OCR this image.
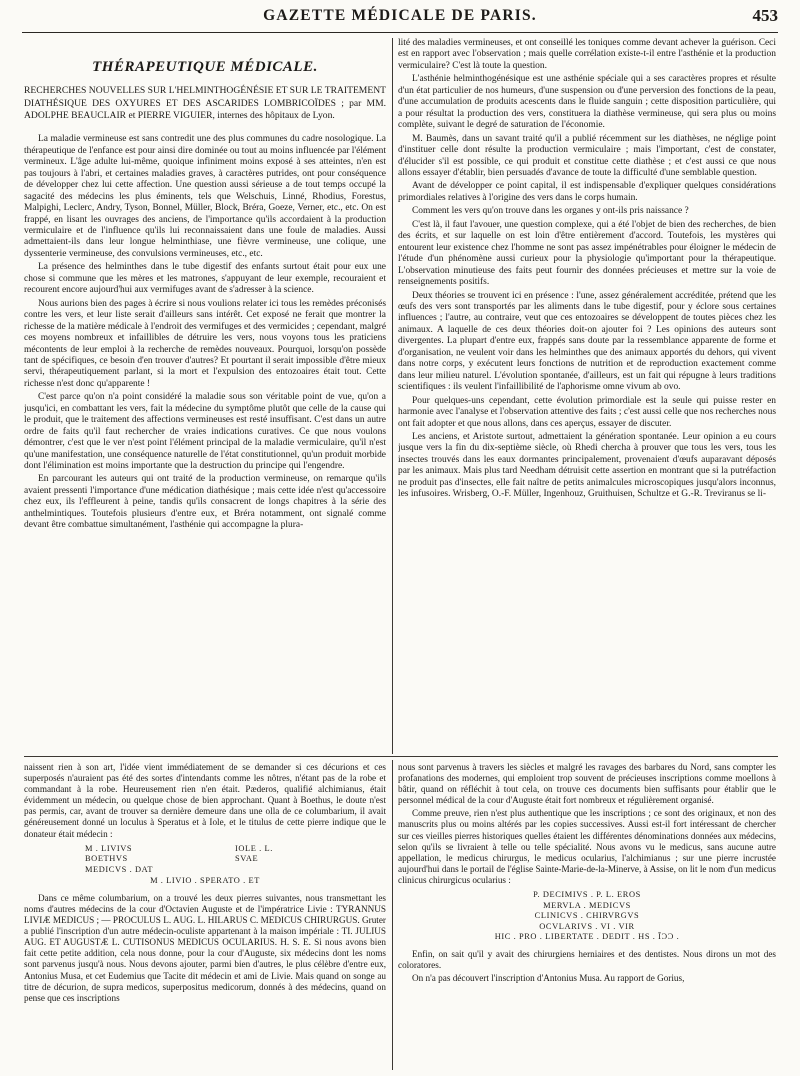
GAZETTE MÉDICALE DE PARIS.	453
THÉRAPEUTIQUE MÉDICALE.

RECHERCHES NOUVELLES SUR L'HELMINTHOGÉNÉSIE ET SUR LE TRAITEMENT DIATHÉSIQUE DES OXYURES ET DES ASCARIDES LOMBRICOÏDES ; par MM. ADOLPHE BEAUCLAIR et PIERRE VIGUIER, internes des hôpitaux de Lyon.

La maladie vermineuse est sans contredit une des plus communes du cadre nosologique. La thérapeutique de l'enfance est pour ainsi dire dominée ou tout au moins influencée par l'élément vermineux. L'âge adulte lui-même, quoique infiniment moins exposé à ses atteintes, n'en est pas toujours à l'abri, et certaines maladies graves, à caractères putrides, ont pour conséquence de développer chez lui cette affection. Une question aussi sérieuse a de tout temps occupé la sagacité des médecins les plus éminents, tels que Welschuis, Linné, Rhodius, Forestus, Malpighi, Leclerc, Andry, Tyson, Bonnel, Müller, Block, Bréra, Goeze, Verner, etc., etc. On est frappé, en lisant les ouvrages des anciens, de l'importance qu'ils accordaient à la production vermiculaire et de l'influence qu'ils lui reconnaissaient dans une foule de maladies. Aussi admettaient-ils dans leur longue helminthiase, une fièvre vermineuse, une colique, une dyssenterie vermineuse, des convulsions vermineuses, etc., etc.

La présence des helminthes dans le tube digestif des enfants surtout était pour eux une chose si commune que les mères et les matrones, s'appuyant de leur exemple, recouraient et recourent encore aujourd'hui aux vermifuges avant de s'adresser à la science.

Nous aurions bien des pages à écrire si nous voulions relater ici tous les remèdes préconisés contre les vers, et leur liste serait d'ailleurs sans intérêt. Cet exposé ne ferait que montrer la richesse de la matière médicale à l'endroit des vermifuges et des vermicides ; cependant, malgré ces moyens nombreux et infaillibles de détruire les vers, nous voyons tous les praticiens mécontents de leur emploi à la recherche de remèdes nouveaux. Pourquoi, lorsqu'on possède tant de spécifiques, ce besoin d'en trouver d'autres? Et pourtant il serait impossible d'être mieux servi, thérapeutiquement parlant, si la mort et l'expulsion des entozoaires était tout. Cette richesse n'est donc qu'apparente !

C'est parce qu'on n'a point considéré la maladie sous son véritable point de vue, qu'on a jusqu'ici, en combattant les vers, fait la médecine du symptôme plutôt que celle de la cause qui le produit, que le traitement des affections vermineuses est resté insuffisant. C'est dans un autre ordre de faits qu'il faut rechercher de vraies indications curatives. Ce que nous voulons démontrer, c'est que le ver n'est point l'élément principal de la maladie vermiculaire, qu'il n'est qu'une manifestation, une conséquence naturelle de l'état constitutionnel, qu'un produit morbide dont l'élimination est moins importante que la destruction du principe qui l'engendre.

En parcourant les auteurs qui ont traité de la production vermineuse, on remarque qu'ils avaient pressenti l'importance d'une médication diathésique ; mais cette idée n'est qu'accessoire chez eux, ils l'effleurent à peine, tandis qu'ils consacrent de longs chapitres à la série des anthelmintiques. Toutefois plusieurs d'entre eux, et Bréra notamment, ont signalé comme devant être combattue simultanément, l'asthénie qui accompagne la plura-

lité des maladies vermineuses, et ont conseillé les toniques comme devant achever la guérison. Ceci est en rapport avec l'observation ; mais quelle corrélation existe-t-il entre l'asthénie et la production vermiculaire? C'est là toute la question.

L'asthénie helminthogénésique est une asthénie spéciale qui a ses caractères propres et résulte d'un état particulier de nos humeurs, d'une suspension ou d'une perversion des fonctions de la peau, d'une accumulation de produits acescents dans le fluide sanguin ; cette disposition particulière, qui a pour résultat la production des vers, constituera la diathèse vermineuse, qui sera plus ou moins complète, suivant le degré de saturation de l'économie.

M. Baumès, dans un savant traité qu'il a publié récemment sur les diathèses, ne néglige point d'instituer celle dont résulte la production vermiculaire ; mais l'important, c'est de constater, d'élucider s'il est possible, ce qui produit et constitue cette diathèse ; et c'est aussi ce que nous allons essayer d'établir, bien persuadés d'avance de toute la difficulté d'une semblable question.

Avant de développer ce point capital, il est indispensable d'expliquer quelques considérations primordiales relatives à l'origine des vers dans le corps humain.

Comment les vers qu'on trouve dans les organes y ont-ils pris naissance ?

C'est là, il faut l'avouer, une question complexe, qui a été l'objet de bien des recherches, de bien des écrits, et sur laquelle on est loin d'être entièrement d'accord. Toutefois, les mystères qui entourent leur existence chez l'homme ne sont pas assez impénétrables pour éloigner le médecin de l'étude d'un phénomène aussi curieux pour la physiologie qu'important pour la thérapeutique. L'observation minutieuse des faits peut fournir des données précieuses et mettre sur la voie de renseignements positifs.

Deux théories se trouvent ici en présence : l'une, assez généralement accréditée, prétend que les œufs des vers sont transportés par les aliments dans le tube digestif, pour y éclore sous certaines influences ; l'autre, au contraire, veut que ces entozoaires se développent de toutes pièces chez les animaux. A laquelle de ces deux théories doit-on ajouter foi ? Les opinions des auteurs sont divergentes. La plupart d'entre eux, frappés sans doute par la ressemblance apparente de forme et d'organisation, ne veulent voir dans les helminthes que des animaux apportés du dehors, qui vivent dans notre corps, y exécutent leurs fonctions de nutrition et de reproduction exactement comme dans leur milieu naturel. L'évolution spontanée, d'ailleurs, est un fait qui répugne à leurs traditions scientifiques : ils veulent l'infaillibilité de l'aphorisme omne vivum ab ovo.

Pour quelques-uns cependant, cette évolution primordiale est la seule qui puisse rester en harmonie avec l'analyse et l'observation attentive des faits ; c'est aussi celle que nos recherches nous ont fait adopter et que nous allons, dans ces aperçus, essayer de discuter.

Les anciens, et Aristote surtout, admettaient la génération spontanée. Leur opinion a eu cours jusque vers la fin du dix-septième siècle, où Rhedi chercha à prouver que tous les vers, tous les insectes trouvés dans les eaux dormantes principalement, provenaient d'œufs auparavant déposés par les animaux. Mais plus tard Needham détruisit cette assertion en montrant que si la putréfaction ne produit pas d'insectes, elle fait naître de petits animalcules microscopiques jusqu'alors inconnus, les infusoires. Wrisberg, O.-F. Müller, Ingenhouz, Gruithuisen, Schultze et G.-R. Treviranus se li-

naissent rien à son art, l'idée vient immédiatement de se demander si ces décurions et ces superposés n'auraient pas été des sortes d'intendants comme les nôtres, n'étant pas de la robe et commandant à la robe. Heureusement rien n'en était. Pæderos, qualifié alchimianus, était évidemment un médecin, ou quelque chose de bien approchant. Quant à Boethus, le doute n'est pas permis, car, avant de trouver sa dernière demeure dans une olla de ce columbarium, il avait généreusement donné un loculus à Speratus et à Iole, et le titulus de cette pierre indique que le donateur était médecin :

M . LIVIVS	IOLE . L.
BOETHVS	SVAE
MEDICVS . DAT
M . LIVIO . SPERATO . ET

Dans ce même columbarium, on a trouvé les deux pierres suivantes, nous transmettant les noms d'autres médecins de la cour d'Octavien Auguste et de l'impératrice Livie : TYRANNUS LIVIÆ MEDICUS ; — PROCULUS L. AUG. L. HILARUS C. MEDICUS CHIRURGUS. Gruter a publié l'inscription d'un autre médecin-oculiste appartenant à la maison impériale : TI. JULIUS AUG. ET AUGUSTÆ L. CUTISONUS MEDICUS OCULARIUS. H. S. E. Si nous avons bien fait cette petite addition, cela nous donne, pour la cour d'Auguste, six médecins dont les noms sont parvenus jusqu'à nous. Nous devons ajouter, parmi bien d'autres, le plus célèbre d'entre eux, Antonius Musa, et cet Eudemius que Tacite dit médecin et ami de Livie. Mais quand on songe au titre de décurion, de supra medicos, superpositus medicorum, donnés à des médecins, quand on pense que ces inscriptions

nous sont parvenus à travers les siècles et malgré les ravages des barbares du Nord, sans compter les profanations des modernes, qui emploient trop souvent de précieuses inscriptions comme moellons à bâtir, quand on réfléchit à tout cela, on trouve ces documents bien suffisants pour établir que le personnel médical de la cour d'Auguste était fort nombreux et régulièrement organisé.

Comme preuve, rien n'est plus authentique que les inscriptions ; ce sont des originaux, et non des manuscrits plus ou moins altérés par les copies successives. Aussi est-il fort intéressant de chercher sur ces vieilles pierres historiques quelles étaient les différentes dénominations données aux médecins, selon qu'ils se livraient à telle ou telle spécialité. Nous avons vu le medicus, sans aucune autre appellation, le medicus chirurgus, le medicus ocularius, l'alchimianus ; sur une pierre incrustée aujourd'hui dans le portail de l'église Sainte-Marie-de-la-Minerve, à Assise, on lit le nom d'un medicus clinicus chirurgicus ocularius :

P. DECIMIVS . P. L. EROS
MERVLA . MEDICVS
CLINICVS . CHIRVRGVS
OCVLARIVS . VI . VIR
HIC . PRO . LIBERTATE . DEDIT . HS . ĪƆƆ .

Enfin, on sait qu'il y avait des chirurgiens herniaires et des dentistes. Nous dirons un mot des coloratores.

On n'a pas découvert l'inscription d'Antonius Musa. Au rapport de Gorius,
